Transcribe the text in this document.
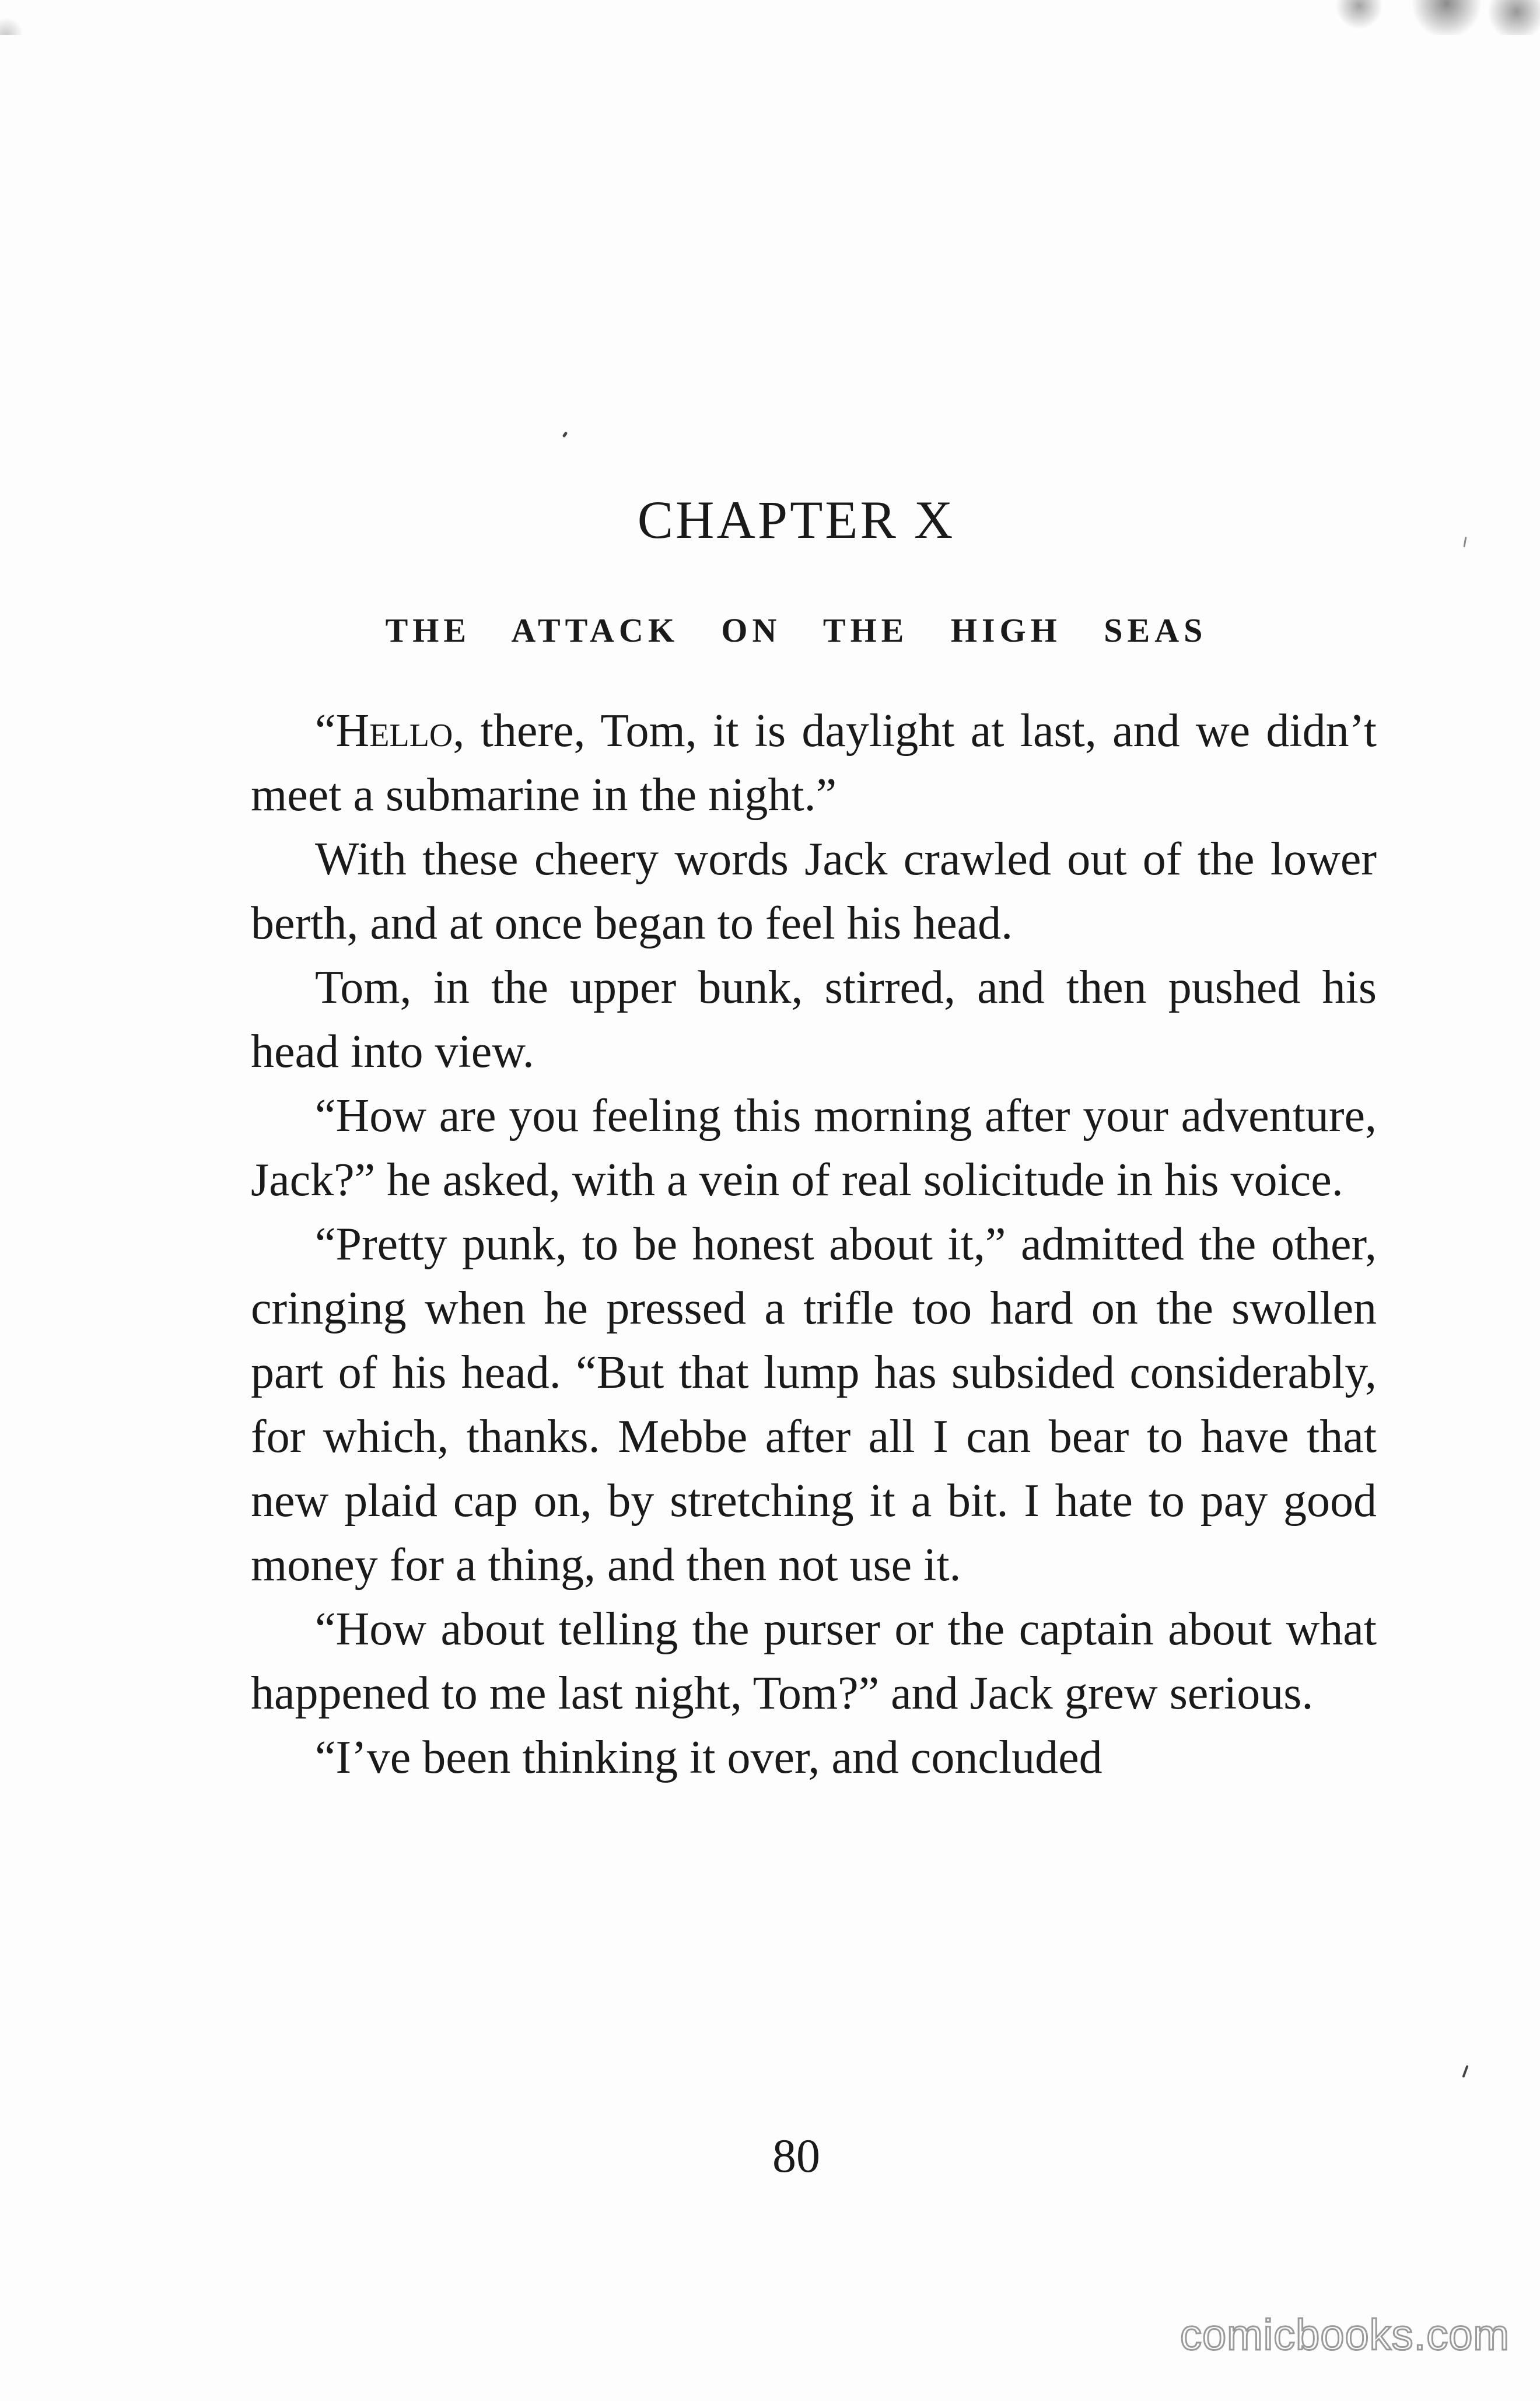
CHAPTER X
THE ATTACK ON THE HIGH SEAS

“Hello, there, Tom, it is daylight at last, and we didn’t meet a submarine in the night.”

With these cheery words Jack crawled out of the lower berth, and at once began to feel his head.

Tom, in the upper bunk, stirred, and then pushed his head into view.

“How are you feeling this morning after your adventure, Jack?” he asked, with a vein of real solicitude in his voice.

“Pretty punk, to be honest about it,” admitted the other, cringing when he pressed a trifle too hard on the swollen part of his head. “But that lump has subsided considerably, for which, thanks. Mebbe after all I can bear to have that new plaid cap on, by stretching it a bit. I hate to pay good money for a thing, and then not use it.

“How about telling the purser or the captain about what happened to me last night, Tom?” and Jack grew serious.

“I’ve been thinking it over, and concluded

80
comicbooks.com
